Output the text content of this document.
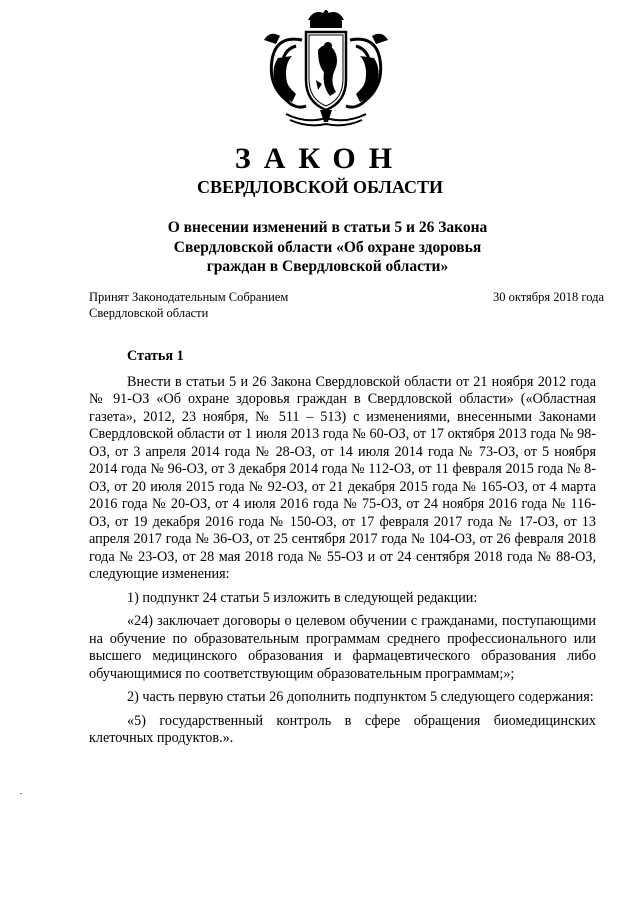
ЗАКОН
СВЕРДЛОВСКОЙ ОБЛАСТИ
О внесении изменений в статьи 5 и 26 Закона Свердловской области «Об охране здоровья граждан в Свердловской области»
Принят Законодательным Собранием Свердловской области
30 октября 2018 года
Статья 1

Внести в статьи 5 и 26 Закона Свердловской области от 21 ноября 2012 года № 91-ОЗ «Об охране здоровья граждан в Свердловской области» («Областная газета», 2012, 23 ноября, № 511 – 513) с изменениями, внесенными Законами Свердловской области от 1 июля 2013 года № 60-ОЗ, от 17 октября 2013 года № 98-ОЗ, от 3 апреля 2014 года № 28-ОЗ, от 14 июля 2014 года № 73-ОЗ, от 5 ноября 2014 года № 96-ОЗ, от 3 декабря 2014 года № 112-ОЗ, от 11 февраля 2015 года № 8-ОЗ, от 20 июля 2015 года № 92-ОЗ, от 21 декабря 2015 года № 165-ОЗ, от 4 марта 2016 года № 20-ОЗ, от 4 июля 2016 года № 75-ОЗ, от 24 ноября 2016 года № 116-ОЗ, от 19 декабря 2016 года № 150-ОЗ, от 17 февраля 2017 года № 17-ОЗ, от 13 апреля 2017 года № 36-ОЗ, от 25 сентября 2017 года № 104-ОЗ, от 26 февраля 2018 года № 23-ОЗ, от 28 мая 2018 года № 55-ОЗ и от 24 сентября 2018 года № 88-ОЗ, следующие изменения:

1) подпункт 24 статьи 5 изложить в следующей редакции:

«24) заключает договоры о целевом обучении с гражданами, поступающими на обучение по образовательным программам среднего профессионального или высшего медицинского образования и фармацевтического образования либо обучающимися по соответствующим образовательным программам;»;

2) часть первую статьи 26 дополнить подпунктом 5 следующего содержания:

«5) государственный контроль в сфере обращения биомедицинских клеточных продуктов.».
